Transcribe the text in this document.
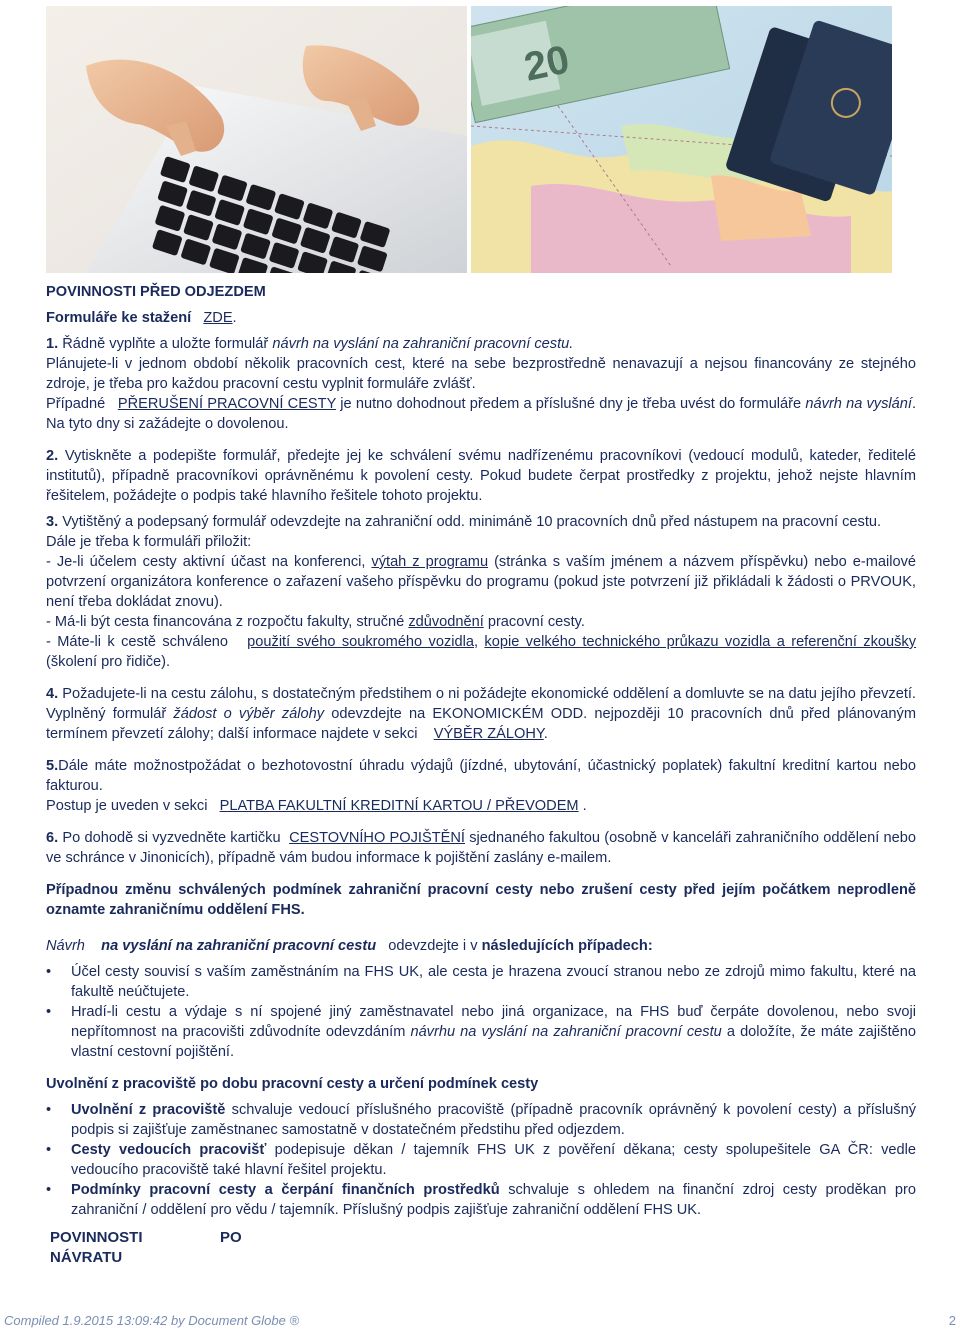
20

POVINNOSTI PŘED ODJEZDEM

Formuláře ke stažení ZDE.

1. Řádně vyplňte a uložte formulář návrh na vyslání na zahraniční pracovní cestu.

Plánujete-li v jednom období několik pracovních cest, které na sebe bezprostředně nenavazují a nejsou financovány ze stejného zdroje, je třeba pro každou pracovní cestu vyplnit formuláře zvlášť.

Případné   PŘERUŠENÍ PRACOVNÍ CESTY je nutno dohodnout předem a příslušné dny je třeba uvést do formuláře návrh na vyslání. Na tyto dny si zažádejte o dovolenou.

2. Vytiskněte a podepište formulář, předejte jej ke schválení svému nadřízenému pracovníkovi (vedoucí modulů, kateder, ředitelé institutů), případně pracovníkovi oprávněnému k povolení cesty. Pokud budete čerpat prostředky z projektu, jehož nejste hlavním řešitelem, požádejte o podpis také hlavního řešitele tohoto projektu.

3. Vytištěný a podepsaný formulář odevzdejte na zahraniční odd. minimáně 10 pracovních dnů před nástupem na pracovní cestu.

Dále je třeba k formuláři přiložit:

- Je-li účelem cesty aktivní účast na konferenci, výtah z programu (stránka s vaším jménem a názvem příspěvku) nebo e-mailové potvrzení organizátora konference o zařazení vašeho příspěvku do programu (pokud jste potvrzení již přikládali k žádosti o PRVOUK, není třeba dokládat znovu).

- Má-li být cesta financována z rozpočtu fakulty, stručné zdůvodnění pracovní cesty.

- Máte-li k cestě schváleno   použití svého soukromého vozidla, kopie velkého technického průkazu vozidla a referenční zkoušky (školení pro řidiče).

4. Požadujete-li na cestu zálohu, s dostatečným předstihem o ni požádejte ekonomické oddělení a domluvte se na datu jejího převzetí. Vyplněný formulář žádost o výběr zálohy odevzdejte na EKONOMICKÉM ODD. nejpozději 10 pracovních dnů před plánovaným termínem převzetí zálohy; další informace najdete v sekci    VÝBĚR ZÁLOHY.

5.Dále máte možnostpožádat o bezhotovostní úhradu výdajů (jízdné, ubytování, účastnický poplatek) fakultní kreditní kartou nebo fakturou.

Postup je uveden v sekci   PLATBA FAKULTNÍ KREDITNÍ KARTOU / PŘEVODEM .

6. Po dohodě si vyzvedněte kartičku  CESTOVNÍHO POJIŠTĚNÍ sjednaného fakultou (osobně v kanceláři zahraničního oddělení nebo ve schránce v Jinonicích), případně vám budou informace k pojištění zaslány e-mailem.

Případnou změnu schválených podmínek zahraniční pracovní cesty nebo zrušení cesty před jejím počátkem neprodleně oznamte zahraničnímu oddělení FHS.

Návrh na vyslání na zahraniční pracovní cestu odevzdejte i v následujících případech:

• Účel cesty souvisí s vaším zaměstnáním na FHS UK, ale cesta je hrazena zvoucí stranou nebo ze zdrojů mimo fakultu, které na fakultě neúčtujete.
• Hradí-li cestu a výdaje s ní spojené jiný zaměstnavatel nebo jiná organizace, na FHS buď čerpáte dovolenou, nebo svoji nepřítomnost na pracovišti zdůvodníte odevzdáním návrhu na vyslání na zahraniční pracovní cestu a doložíte, že máte zajištěno vlastní cestovní pojištění.

Uvolnění z pracoviště po dobu pracovní cesty a určení podmínek cesty

• Uvolnění z pracoviště schvaluje vedoucí příslušného pracoviště (případně pracovník oprávněný k povolení cesty) a příslušný podpis si zajišťuje zaměstnanec samostatně v dostatečném předstihu před odjezdem.
• Cesty vedoucích pracovišť podepisuje děkan / tajemník FHS UK z pověření děkana; cesty spolupešitele GA ČR: vedle vedoucího pracoviště také hlavní řešitel projektu.
• Podmínky pracovní cesty a čerpání finančních prostředků schvaluje s ohledem na finanční zdroj cesty proděkan pro zahraniční / oddělení pro vědu / tajemník. Příslušný podpis zajišťuje zahraniční oddělení FHS UK.
POVINNOSTI
NÁVRATU
PO
Compiled 1.9.2015 13:09:42 by Document Globe ®	2
